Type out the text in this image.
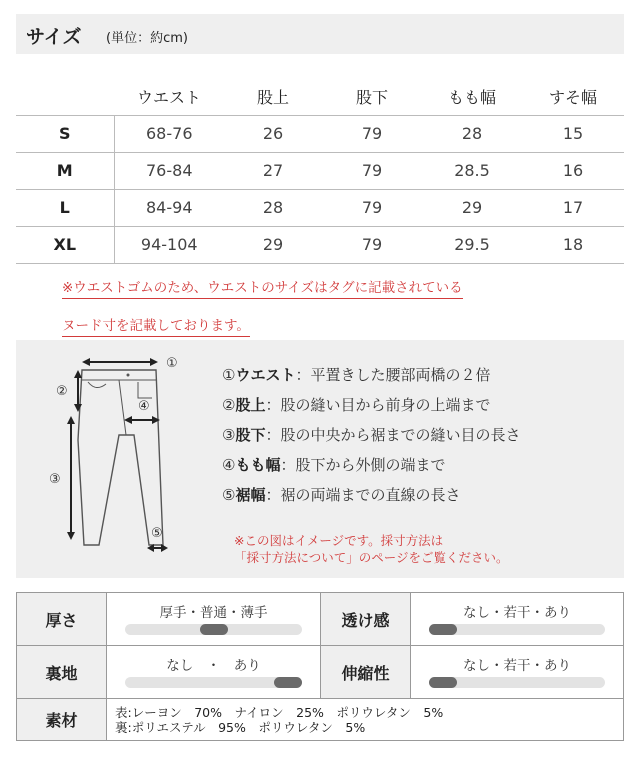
サイズ (単位：約cm)
	ウエスト	股上	股下	もも幅	すそ幅
S	68-76	26	79	28	15
M	76-84	27	79	28.5	16
L	84-94	28	79	29	17
XL	94-104	29	79	29.5	18
※ウエストゴムのため、ウエストのサイズはタグに記載されている
ヌード寸を記載しております。
①
②
③
④
⑤
①ウエスト：平置きした腰部両橋の２倍
②股上：股の縫い目から前身の上端まで
③股下：股の中央から裾までの縫い目の長さ
④もも幅：股下から外側の端まで
⑤裾幅：裾の両端までの直線の長さ
※この図はイメージです。採寸方法は
「採寸方法について」のページをご覧ください。
厚さ	厚手・普通・薄手	透け感	なし・若干・あり

裏地	なし　・　あり	伸縮性	なし・若干・あり

素材	表:レーヨン　70%　ナイロン　25%　ポリウレタン　5%
裏:ポリエステル　95%　ポリウレタン　5%		
